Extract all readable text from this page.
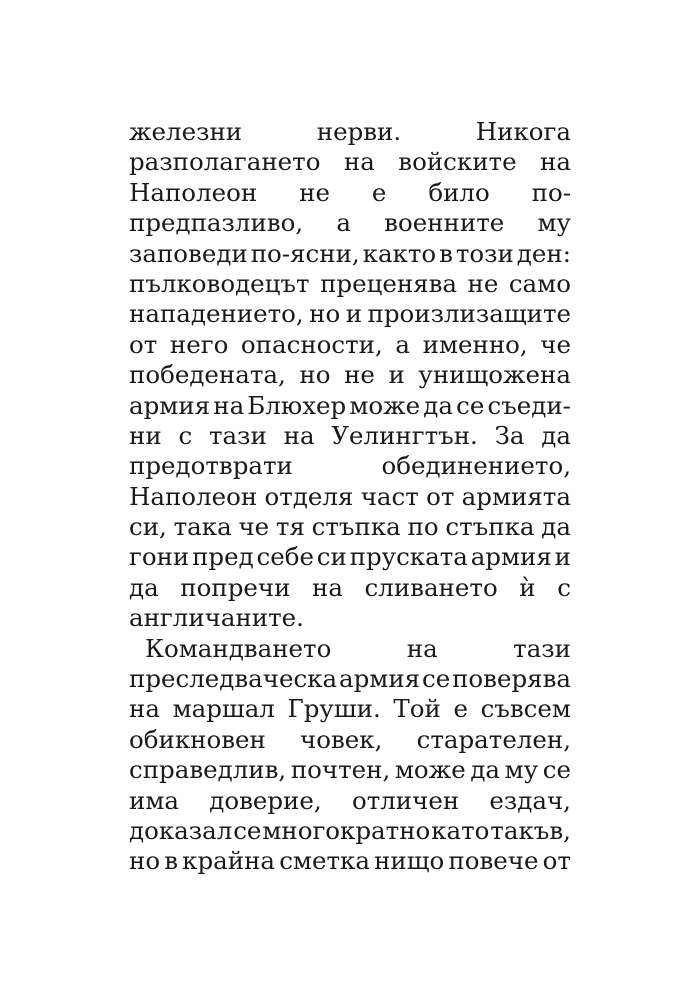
железни	нерви.	Никога
разполагането на войските на
Наполеон не е било по-
предпазливо, а военните му
заповеди по-ясни, както в този ден:
пълководецът преценява не само
нападението, но и произлизащите
от него опасности, а именно, че
победената, но не и унищожена
армия на Блюхер може да се съеди-
ни с тази на Уелингтън. За да
предотврати	обединението,
Наполеон отделя част от армията
си, така че тя стъпка по стъпка да
гони пред себе си пруската армия и
да попречи на сливането ѝ с
англичаните.
Командването	на	тази
преследваческа армия се поверява
на маршал Груши. Той е съвсем
обикновен човек, старателен,
справедлив, почтен, може да му се
има доверие, отличен ездач,
доказал се многократно като такъв,
но в крайна сметка нищо повече от
